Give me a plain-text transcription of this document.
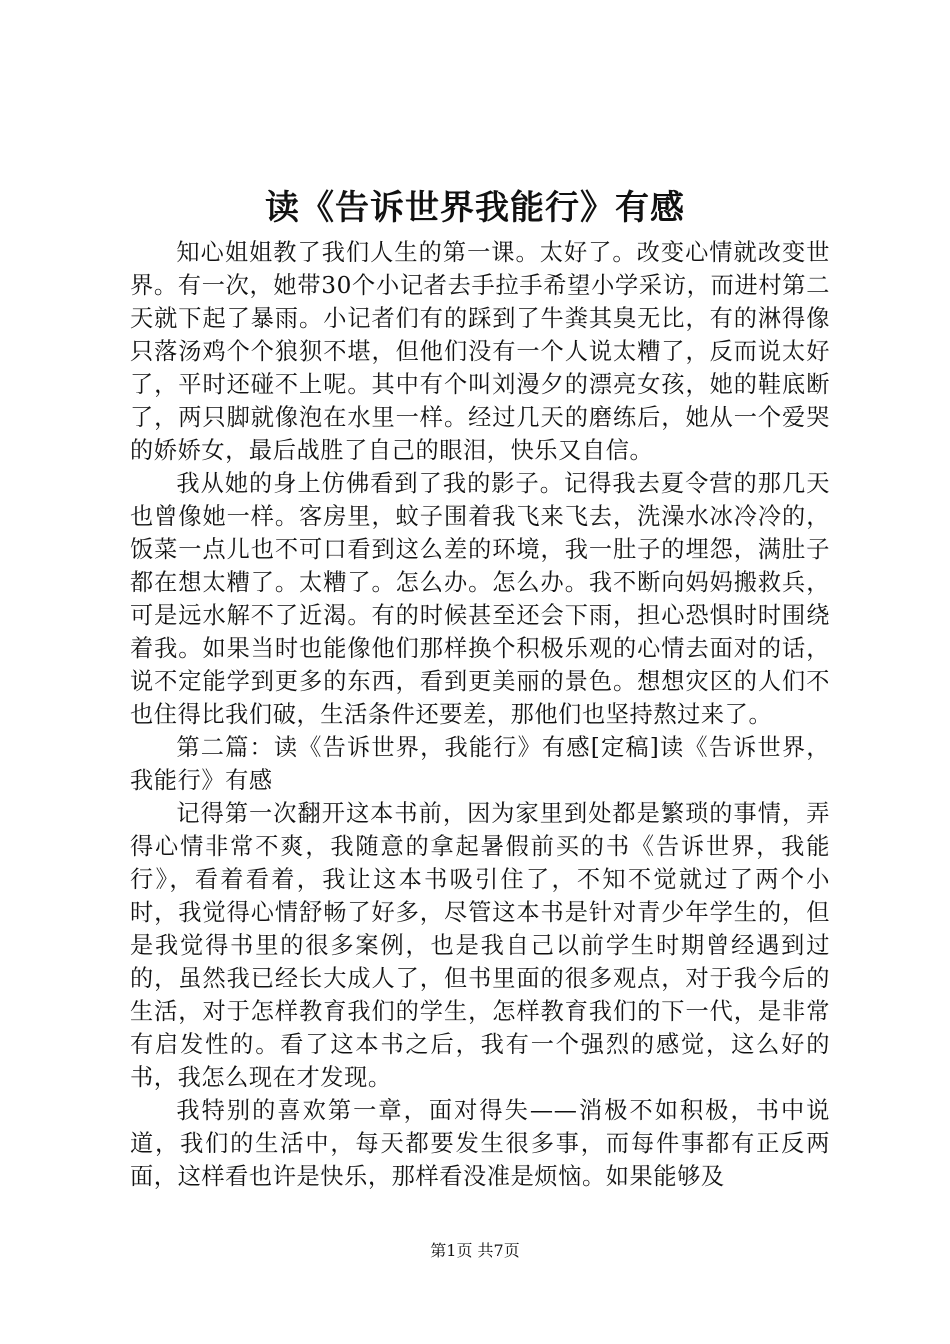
读《告诉世界我能行》有感

知心姐姐教了我们人生的第一课。太好了。改变心情就改变世界。有一次，她带30个小记者去手拉手希望小学采访，而进村第二天就下起了暴雨。小记者们有的踩到了牛粪其臭无比，有的淋得像只落汤鸡个个狼狈不堪，但他们没有一个人说太糟了，反而说太好了，平时还碰不上呢。其中有个叫刘漫夕的漂亮女孩，她的鞋底断了，两只脚就像泡在水里一样。经过几天的磨练后，她从一个爱哭的娇娇女，最后战胜了自己的眼泪，快乐又自信。

我从她的身上仿佛看到了我的影子。记得我去夏令营的那几天也曾像她一样。客房里，蚊子围着我飞来飞去，洗澡水冰冷冷的，饭菜一点儿也不可口看到这么差的环境，我一肚子的埋怨，满肚子都在想太糟了。太糟了。怎么办。怎么办。我不断向妈妈搬救兵，可是远水解不了近渴。有的时候甚至还会下雨，担心恐惧时时围绕着我。如果当时也能像他们那样换个积极乐观的心情去面对的话，说不定能学到更多的东西，看到更美丽的景色。想想灾区的人们不也住得比我们破，生活条件还要差，那他们也坚持熬过来了。

第二篇：读《告诉世界，我能行》有感[定稿]读《告诉世界，我能行》有感

记得第一次翻开这本书前，因为家里到处都是繁琐的事情，弄得心情非常不爽，我随意的拿起暑假前买的书《告诉世界，我能行》，看着看着，我让这本书吸引住了，不知不觉就过了两个小时，我觉得心情舒畅了好多，尽管这本书是针对青少年学生的，但是我觉得书里的很多案例，也是我自己以前学生时期曾经遇到过的，虽然我已经长大成人了，但书里面的很多观点，对于我今后的生活，对于怎样教育我们的学生，怎样教育我们的下一代，是非常有启发性的。看了这本书之后，我有一个强烈的感觉，这么好的书，我怎么现在才发现。

我特别的喜欢第一章，面对得失——消极不如积极，书中说道，我们的生活中，每天都要发生很多事，而每件事都有正反两面，这样看也许是快乐，那样看没准是烦恼。如果能够及

第1页 共7页
